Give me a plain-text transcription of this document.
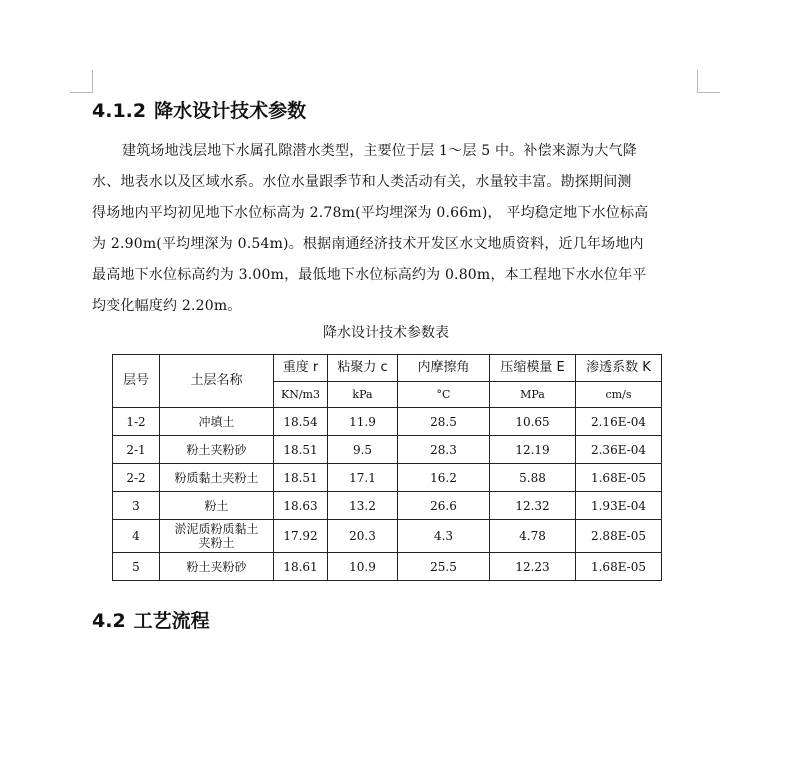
4.1.2 降水设计技术参数

建筑场地浅层地下水属孔隙潜水类型，主要位于层 1～层 5 中。补偿来源为大气降
水、地表水以及区域水系。水位水量跟季节和人类活动有关，水量较丰富。勘探期间测
得场地内平均初见地下水位标高为 2.78m(平均埋深为 0.66m)， 平均稳定地下水位标高
为 2.90m(平均埋深为 0.54m)。根据南通经济技术开发区水文地质资料，近几年场地内
最高地下水位标高约为 3.00m，最低地下水位标高约为 0.80m，本工程地下水水位年平
均变化幅度约 2.20m。

降水设计技术参数表
层号	土层名称	重度 r	粘聚力 c	内摩擦角	压缩模量 E	渗透系数 K
		KN/m3	kPa	°C	MPa	cm/s
1-2	冲填土	18.54	11.9	28.5	10.65	2.16E-04
2-1	粉土夹粉砂	18.51	9.5	28.3	12.19	2.36E-04
2-2	粉质黏土夹粉土	18.51	17.1	16.2	5.88	1.68E-05
3	粉土	18.63	13.2	26.6	12.32	1.93E-04
4	淤泥质粉质黏土夹粉土	17.92	20.3	4.3	4.78	2.88E-05
5	粉土夹粉砂	18.61	10.9	25.5	12.23	1.68E-05
4.2 工艺流程
